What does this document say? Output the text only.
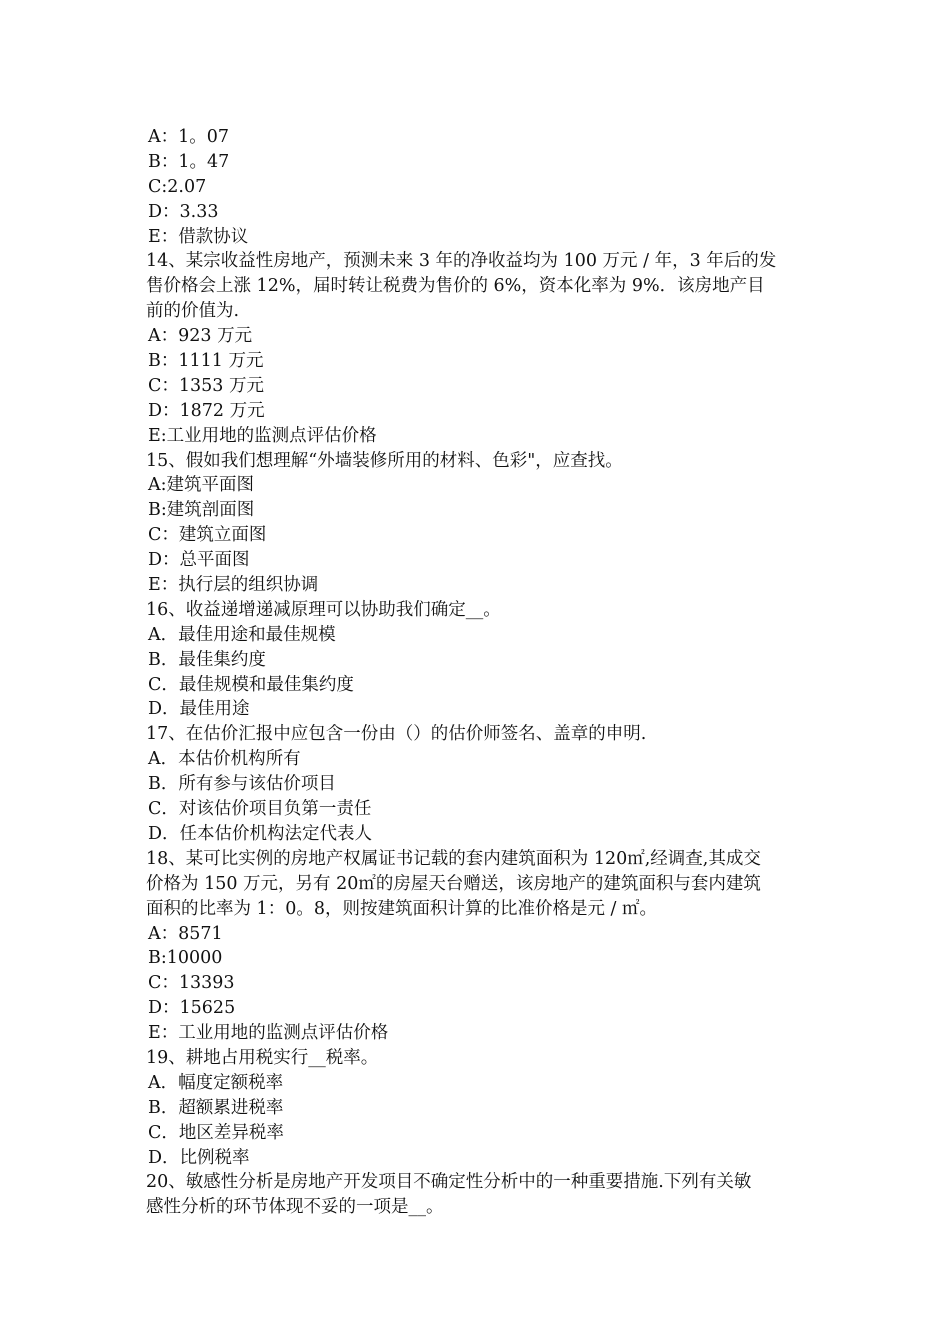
A：1。07
B：1。47
C:2.07
D：3.33
E：借款协议
14、某宗收益性房地产，预测未来 3 年的净收益均为 100 万元 / 年，3 年后的发
售价格会上涨 12%，届时转让税费为售价的 6%，资本化率为 9%．该房地产目
前的价值为.
A：923 万元
B：1111 万元
C：1353 万元
D：1872 万元
E:工业用地的监测点评估价格
15、假如我们想理解“外墙装修所用的材料、色彩"，应查找。
A:建筑平面图
B:建筑剖面图
C：建筑立面图
D：总平面图
E：执行层的组织协调
16、收益递增递减原理可以协助我们确定__。
A．最佳用途和最佳规模
B．最佳集约度
C．最佳规模和最佳集约度
D．最佳用途
17、在估价汇报中应包含一份由（）的估价师签名、盖章的申明.
A．本估价机构所有
B．所有参与该估价项目
C．对该估价项目负第一责任
D．任本估价机构法定代表人
18、某可比实例的房地产权属证书记载的套内建筑面积为 120㎡,经调查,其成交
价格为 150 万元，另有 20㎡的房屋天台赠送，该房地产的建筑面积与套内建筑
面积的比率为 1：0。8，则按建筑面积计算的比准价格是元 / ㎡。
A：8571
B:10000
C：13393
D：15625
E：工业用地的监测点评估价格
19、耕地占用税实行__税率。
A．幅度定额税率
B．超额累进税率
C．地区差异税率
D．比例税率
20、敏感性分析是房地产开发项目不确定性分析中的一种重要措施.下列有关敏
感性分析的环节体现不妥的一项是__。
